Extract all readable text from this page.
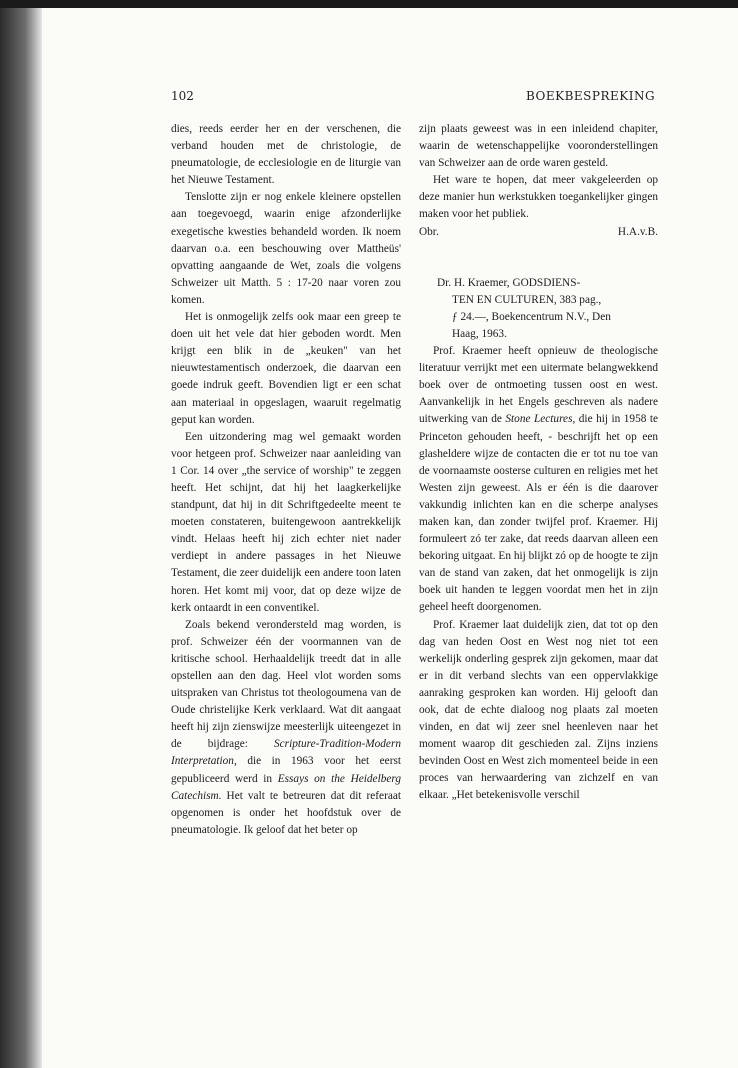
102	BOEKBESPREKING

dies, reeds eerder her en der verschenen, die verband houden met de christologie, de pneumatologie, de ecclesiologie en de liturgie van het Nieuwe Testament.

Tenslotte zijn er nog enkele kleinere opstellen aan toegevoegd, waarin enige afzonderlijke exegetische kwesties behandeld worden. Ik noem daarvan o.a. een beschouwing over Mattheüs' opvatting aangaande de Wet, zoals die volgens Schweizer uit Matth. 5 : 17-20 naar voren zou komen.

Het is onmogelijk zelfs ook maar een greep te doen uit het vele dat hier geboden wordt. Men krijgt een blik in de „keuken" van het nieuwtestamentisch onderzoek, die daarvan een goede indruk geeft. Bovendien ligt er een schat aan materiaal in opgeslagen, waaruit regelmatig geput kan worden.

Een uitzondering mag wel gemaakt worden voor hetgeen prof. Schweizer naar aanleiding van 1 Cor. 14 over „the service of worship" te zeggen heeft. Het schijnt, dat hij het laagkerkelijke standpunt, dat hij in dit Schriftgedeelte meent te moeten constateren, buitengewoon aantrekkelijk vindt. Helaas heeft hij zich echter niet nader verdiept in andere passages in het Nieuwe Testament, die zeer duidelijk een andere toon laten horen. Het komt mij voor, dat op deze wijze de kerk ontaardt in een conventikel.

Zoals bekend verondersteld mag worden, is prof. Schweizer één der voormannen van de kritische school. Herhaaldelijk treedt dat in alle opstellen aan den dag. Heel vlot worden soms uitspraken van Christus tot theologoumena van de Oude christelijke Kerk verklaard. Wat dit aangaat heeft hij zijn zienswijze meesterlijk uiteengezet in de bijdrage: Scripture-Tradition-Modern Interpretation, die in 1963 voor het eerst gepubliceerd werd in Essays on the Heidelberg Catechism. Het valt te betreuren dat dit referaat opgenomen is onder het hoofdstuk over de pneumatologie. Ik geloof dat het beter op

zijn plaats geweest was in een inleidend chapiter, waarin de wetenschappelijke vooronderstellingen van Schweizer aan de orde waren gesteld.

Het ware te hopen, dat meer vakgeleerden op deze manier hun werkstukken toegankelijker gingen maken voor het publiek.

Obr.	H.A.v.B.
Dr. H. Kraemer, GODSDIENS-
TEN EN CULTUREN, 383 pag.,
ƒ 24.—, Boekencentrum N.V., Den
Haag, 1963.

Prof. Kraemer heeft opnieuw de theologische literatuur verrijkt met een uitermate belangwekkend boek over de ontmoeting tussen oost en west. Aanvankelijk in het Engels geschreven als nadere uitwerking van de Stone Lectures, die hij in 1958 te Princeton gehouden heeft, - beschrijft het op een glasheldere wijze de contacten die er tot nu toe van de voornaamste oosterse culturen en religies met het Westen zijn geweest. Als er één is die daarover vakkundig inlichten kan en die scherpe analyses maken kan, dan zonder twijfel prof. Kraemer. Hij formuleert zó ter zake, dat reeds daarvan alleen een bekoring uitgaat. En hij blijkt zó op de hoogte te zijn van de stand van zaken, dat het onmogelijk is zijn boek uit handen te leggen voordat men het in zijn geheel heeft doorgenomen.

Prof. Kraemer laat duidelijk zien, dat tot op den dag van heden Oost en West nog niet tot een werkelijk onderling gesprek zijn gekomen, maar dat er in dit verband slechts van een oppervlakkige aanraking gesproken kan worden. Hij gelooft dan ook, dat de echte dialoog nog plaats zal moeten vinden, en dat wij zeer snel heenleven naar het moment waarop dit geschieden zal. Zijns inziens bevinden Oost en West zich momenteel beide in een proces van herwaardering van zichzelf en van elkaar. „Het betekenisvolle verschil
